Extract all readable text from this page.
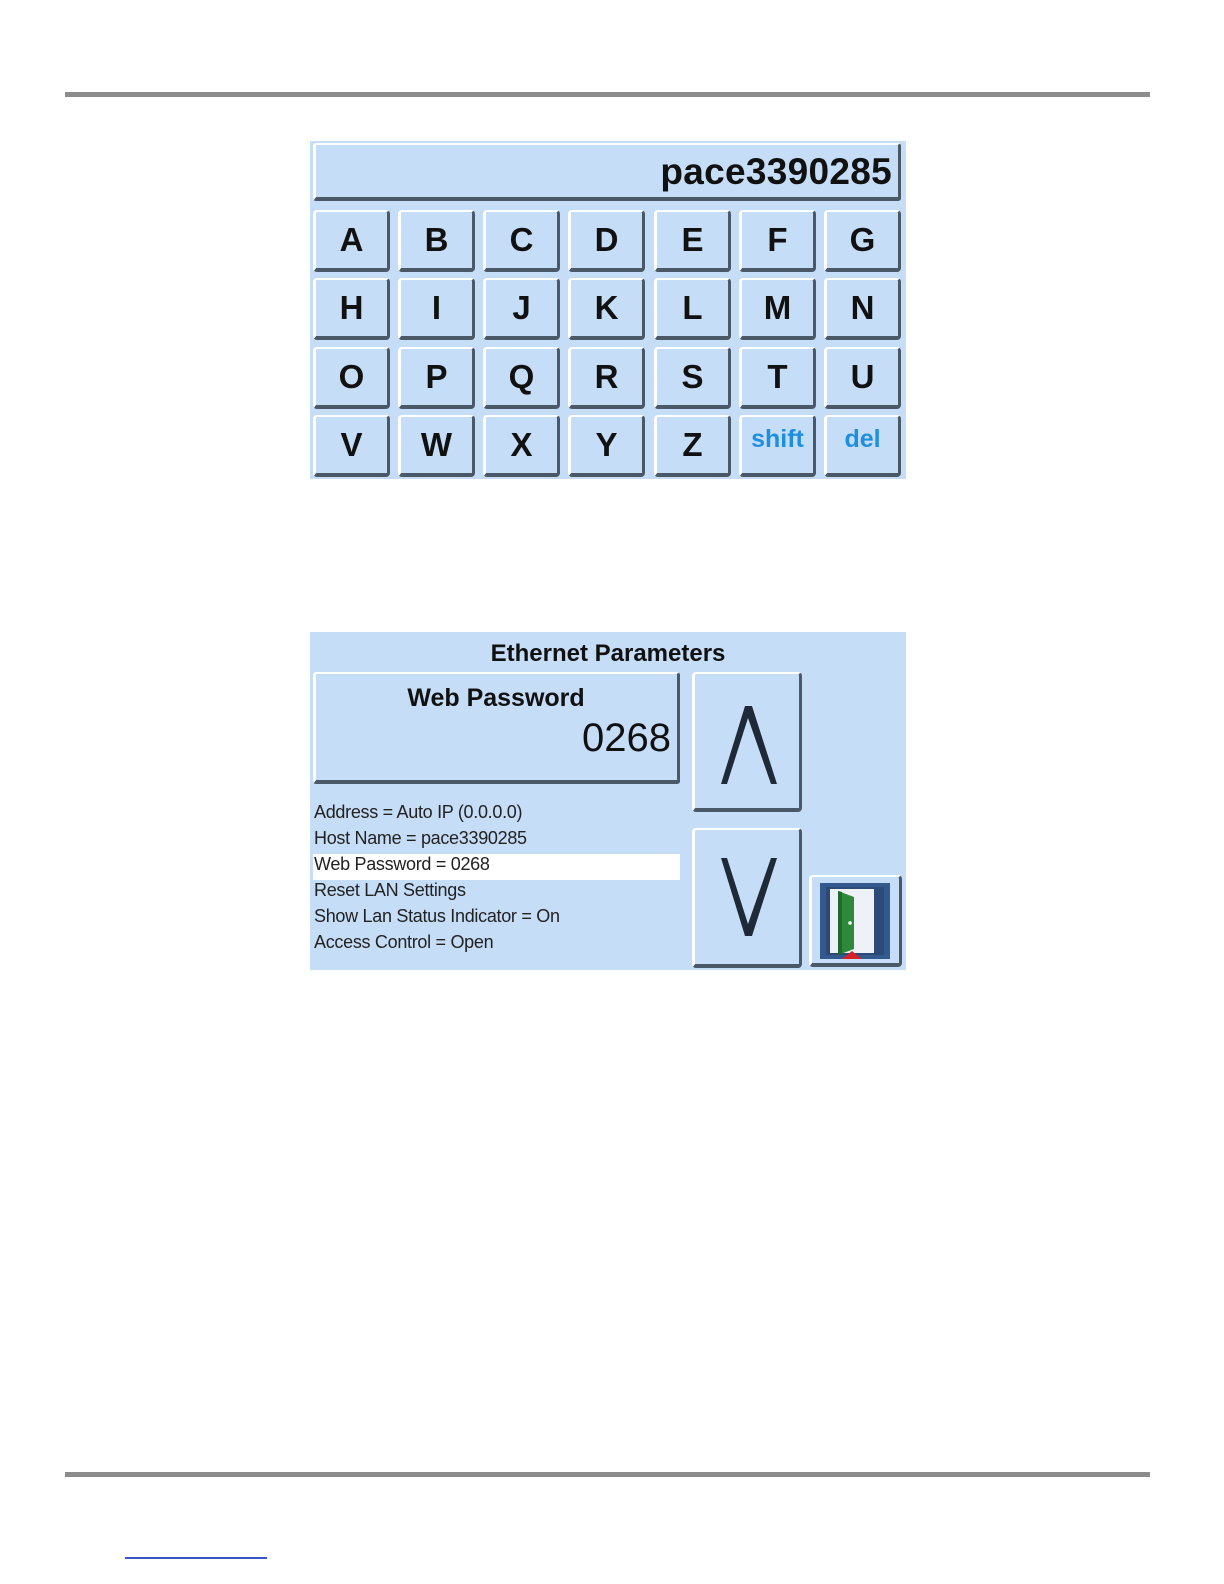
pace3390285
A	B	C	D	E	F	G
H	I	J	K	L	M	N
O	P	Q	R	S	T	U
V	W	X	Y	Z	shift	del
Ethernet Parameters
Web Password
0268
Address = Auto IP (0.0.0.0)
Host Name = pace3390285
Web Password = 0268
Reset LAN Settings
Show Lan Status Indicator = On
Access Control = Open
